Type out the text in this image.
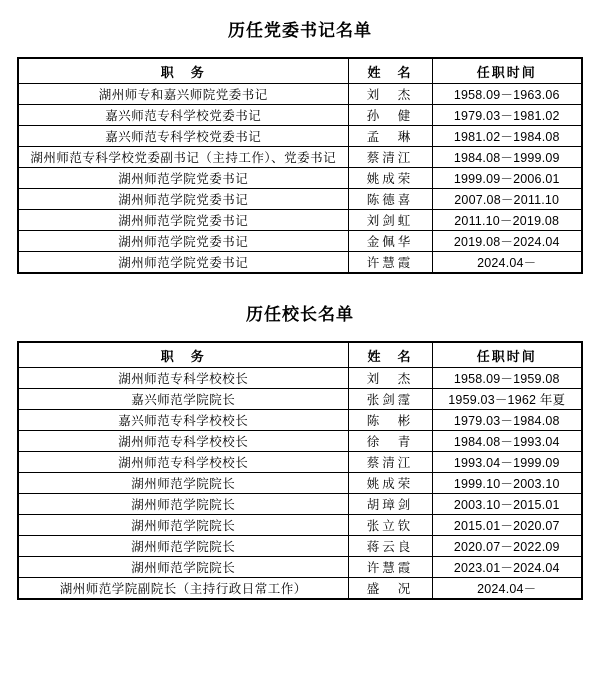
历任党委书记名单
职　务	姓　名	任职时间
湖州师专和嘉兴师院党委书记	刘　杰	1958.09－1963.06
嘉兴师范专科学校党委书记	孙　健	1979.03－1981.02
嘉兴师范专科学校党委书记	孟　琳	1981.02－1984.08
湖州师范专科学校党委副书记（主持工作）、党委书记	蔡清江	1984.08－1999.09
湖州师范学院党委书记	姚成荣	1999.09－2006.01
湖州师范学院党委书记	陈德喜	2007.08－2011.10
湖州师范学院党委书记	刘剑虹	2011.10－2019.08
湖州师范学院党委书记	金佩华	2019.08－2024.04
湖州师范学院党委书记	许慧霞	2024.04－
历任校长名单
职　务	姓　名	任职时间
湖州师范专科学校校长	刘　杰	1958.09－1959.08
嘉兴师范学院院长	张剑霪	1959.03－1962 年夏
嘉兴师范专科学校校长	陈　彬	1979.03－1984.08
湖州师范专科学校校长	徐　青	1984.08－1993.04
湖州师范专科学校校长	蔡清江	1993.04－1999.09
湖州师范学院院长	姚成荣	1999.10－2003.10
湖州师范学院院长	胡璋剑	2003.10－2015.01
湖州师范学院院长	张立钦	2015.01－2020.07
湖州师范学院院长	蒋云良	2020.07－2022.09
湖州师范学院院长	许慧霞	2023.01－2024.04
湖州师范学院副院长（主持行政日常工作）	盛　况	2024.04－
